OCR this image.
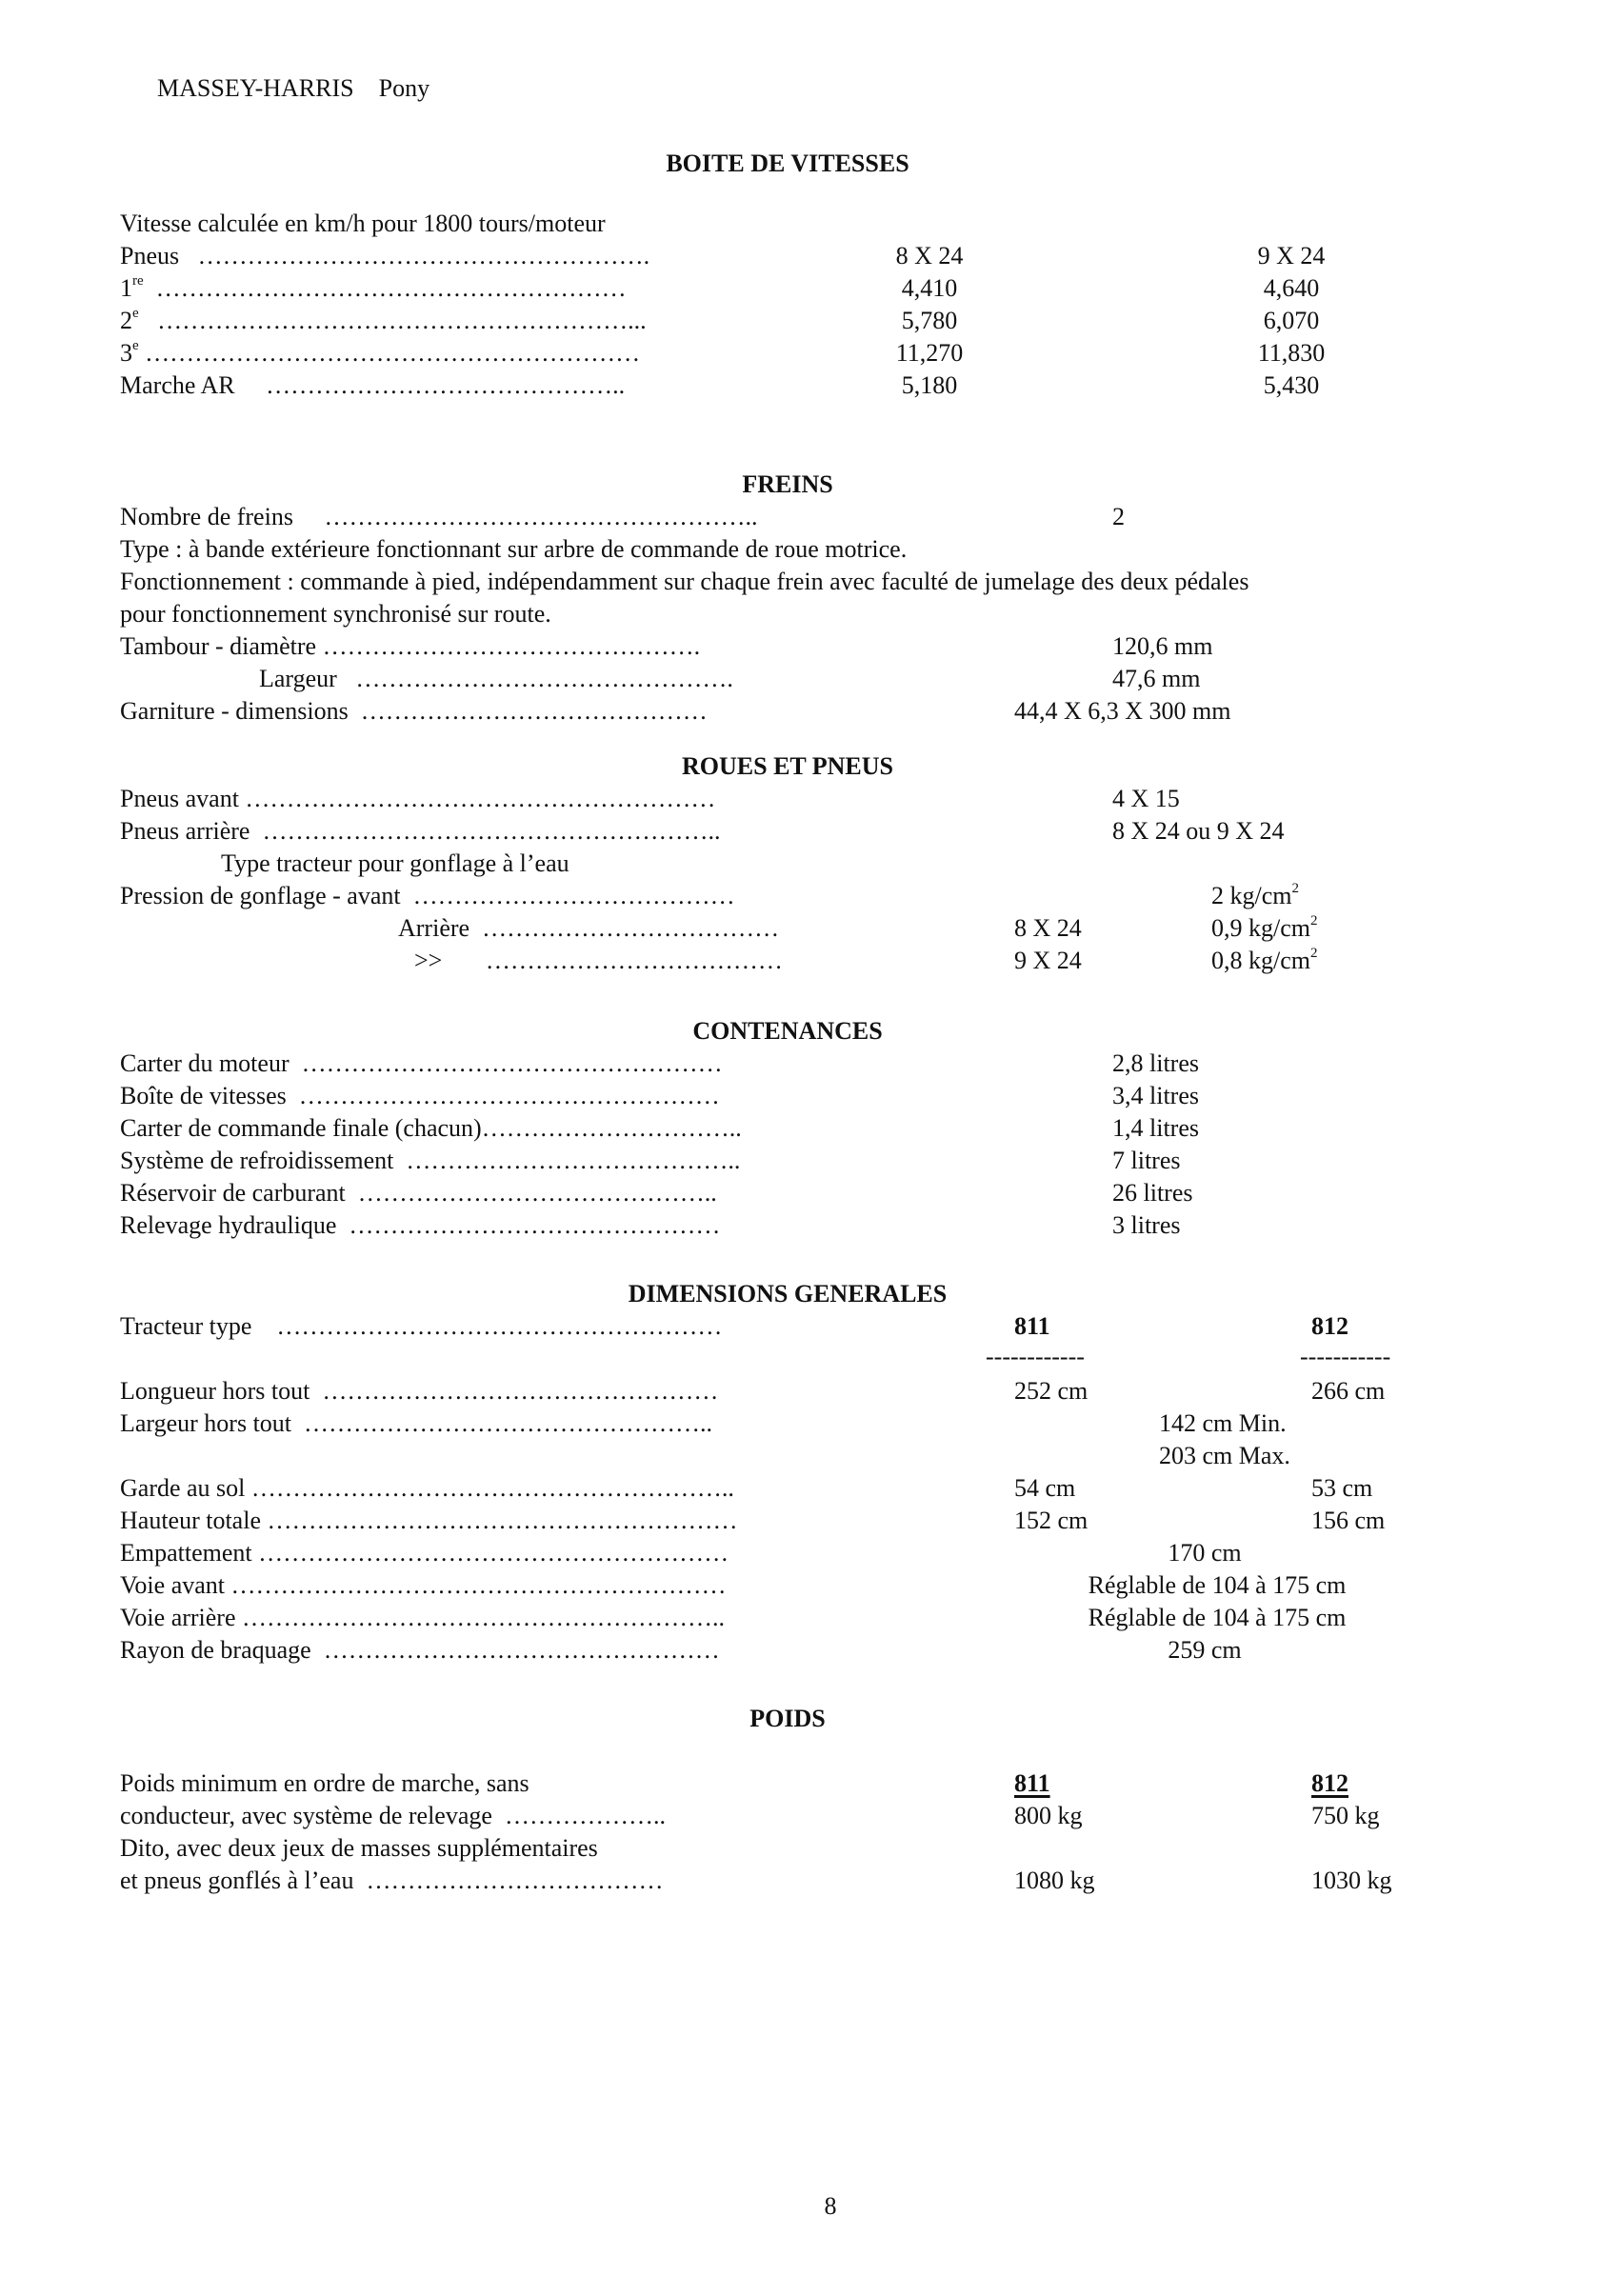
MASSEY-HARRIS Pony
BOITE DE VITESSES
Vitesse calculée en km/h pour 1800 tours/moteur
Pneus ……………………………………………….	8 X 24	9 X 24
1re …………………………………………………	4,410	4,640
2e …………………………………………………...	5,780	6,070
3e ……………………………………………………	11,270	11,830
Marche AR ……………………………………..	5,180	5,430
FREINS
Nombre de freins ……………………………………………..	2
Type : à bande extérieure fonctionnant sur arbre de commande de roue motrice.
Fonctionnement : commande à pied, indépendamment sur chaque frein avec faculté de jumelage des deux pédales
pour fonctionnement synchronisé sur route.
Tambour - diamètre ……………………………………….	120,6 mm
Largeur ……………………………………….	47,6 mm
Garniture - dimensions ……………………………………	44,4 X 6,3 X 300 mm
ROUES ET PNEUS
Pneus avant …………………………………………………	4 X 15
Pneus arrière ………………………………………………..	8 X 24 ou 9 X 24
Type tracteur pour gonflage à l’eau
Pression de gonflage - avant …………………………………	2 $kg/cm^2$
Arrière ………………………………	8 X 24	0,9 $kg/cm^2$
>> ………………………………	9 X 24	0,8 $kg/cm^2$
CONTENANCES
Carter du moteur ……………………………………………	2,8 litres
Boîte de vitesses ……………………………………………	3,4 litres
Carter de commande finale (chacun)…………………………..	1,4 litres
Système de refroidissement …………………………………..	7 litres
Réservoir de carburant ……………………………………..	26 litres
Relevage hydraulique ………………………………………	3 litres
DIMENSIONS GENERALES
Tracteur type ………………………………………………	811	812
------------	-----------
Longueur hors tout …………………………………………	252 cm	266 cm
Largeur hors tout …………………………………………..	142 cm Min.
203 cm Max.
Garde au sol …………………………………………………..	54 cm	53 cm
Hauteur totale …………………………………………………	152 cm	156 cm
Empattement …………………………………………………	170 cm
Voie avant ……………………………………………………	Réglable de 104 à 175 cm
Voie arrière …………………………………………………..	Réglable de 104 à 175 cm
Rayon de braquage …………………………………………	259 cm
POIDS
Poids minimum en ordre de marche, sans	811	812
conducteur, avec système de relevage ………………..	800 kg	750 kg
Dito, avec deux jeux de masses supplémentaires
et pneus gonflés à l’eau ………………………………	1080 kg	1030 kg
8
